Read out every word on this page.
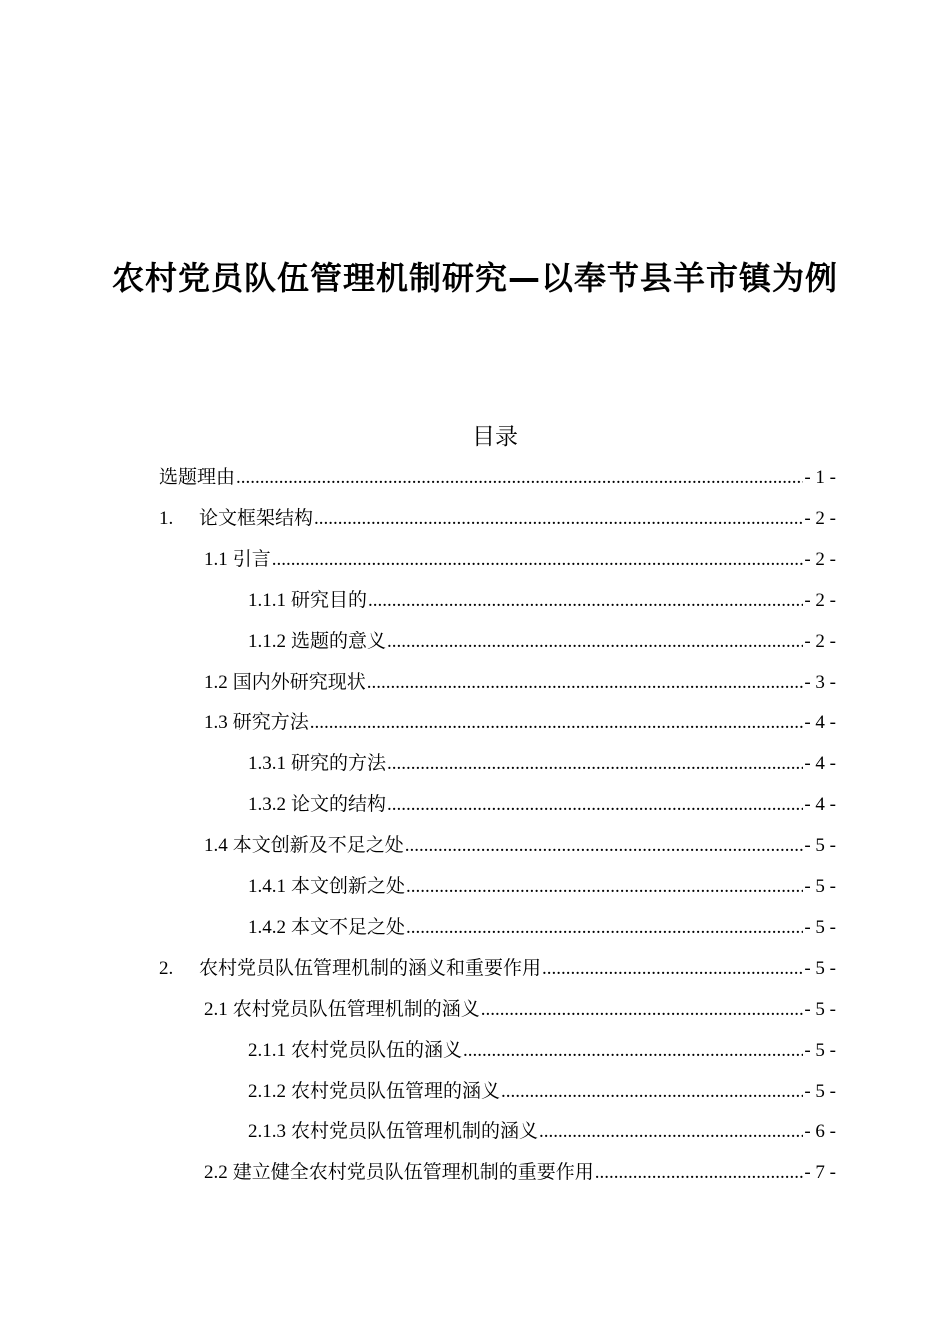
农村党员队伍管理机制研究—以奉节县羊市镇为例
目录
选题理由 .....	- 1 -
1.	论文框架结构 .....	- 2 -
1.1 引言 .....	- 2 -
1.1.1 研究目的 .....	- 2 -
1.1.2 选题的意义 .....	- 2 -
1.2 国内外研究现状 .....	- 3 -
1.3 研究方法 .....	- 4 -
1.3.1 研究的方法 .....	- 4 -
1.3.2 论文的结构 .....	- 4 -
1.4 本文创新及不足之处 .....	- 5 -
1.4.1 本文创新之处 .....	- 5 -
1.4.2 本文不足之处 .....	- 5 -
2.	农村党员队伍管理机制的涵义和重要作用 .....	- 5 -
2.1 农村党员队伍管理机制的涵义 .....	- 5 -
2.1.1 农村党员队伍的涵义 .....	- 5 -
2.1.2 农村党员队伍管理的涵义 .....	- 5 -
2.1.3 农村党员队伍管理机制的涵义 .....	- 6 -
2.2 建立健全农村党员队伍管理机制的重要作用 .....	- 7 -
